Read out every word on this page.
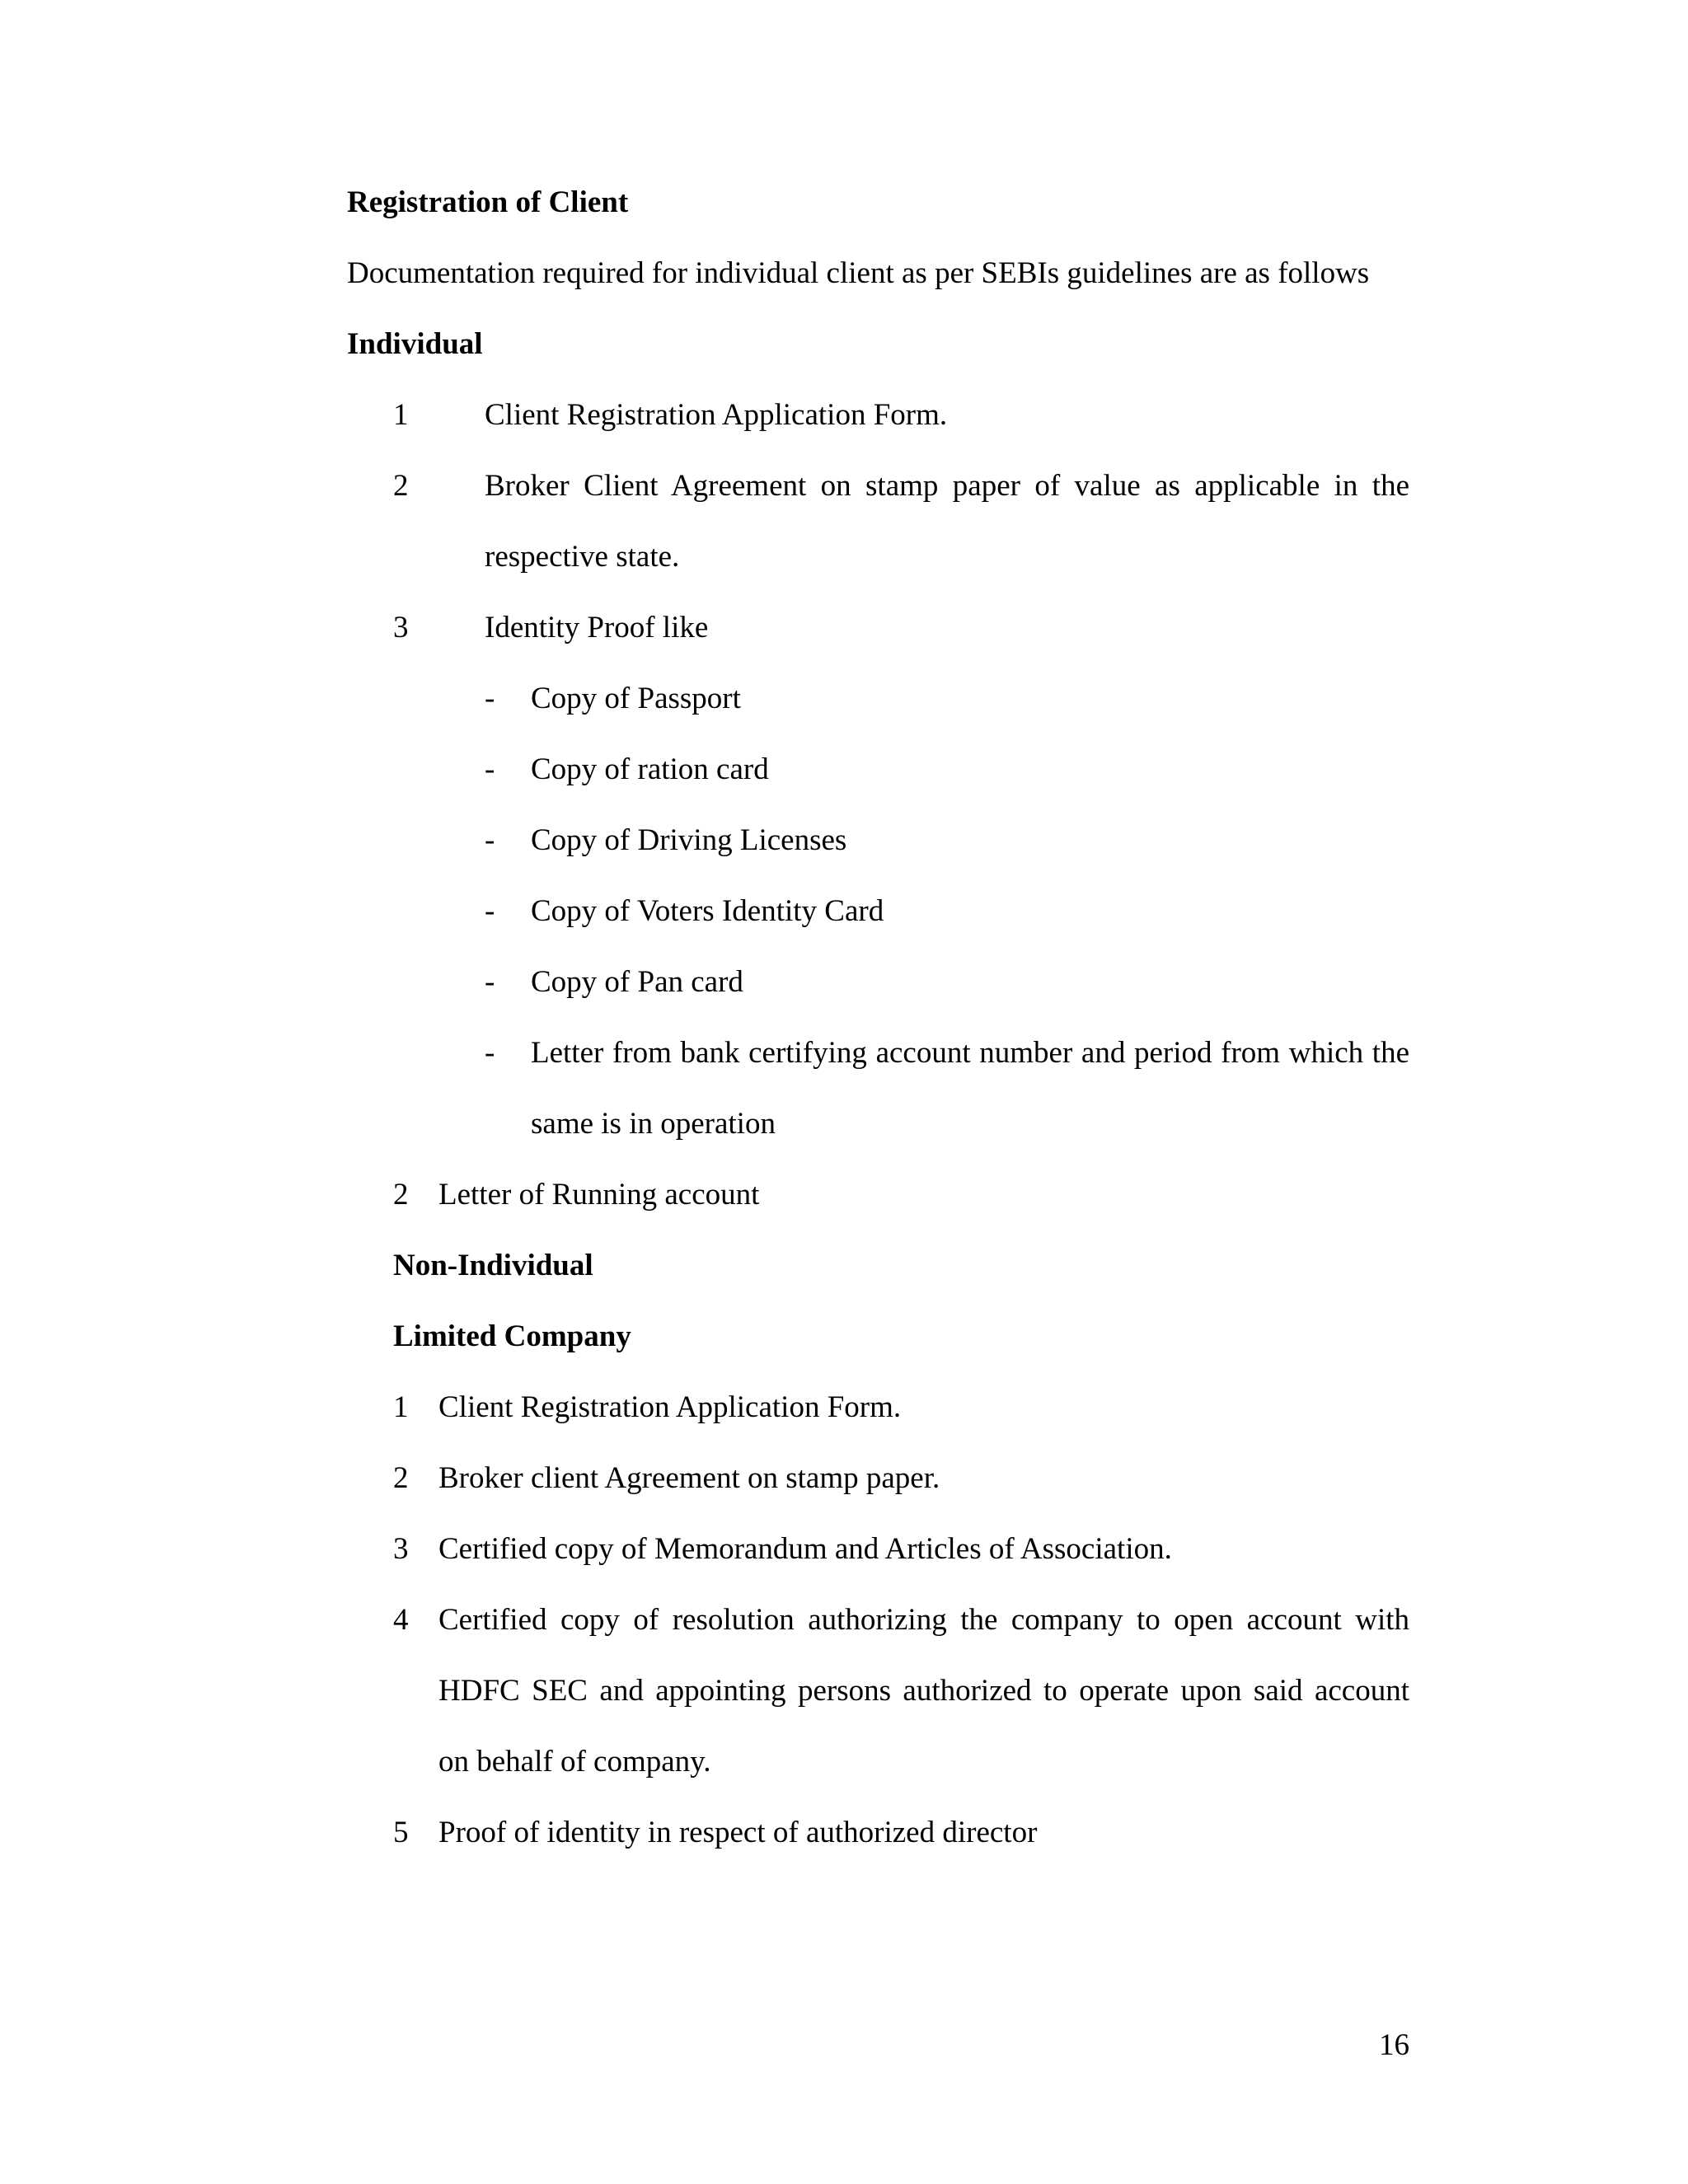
Registration of Client
Documentation required for individual client as per SEBIs guidelines are as follows
Individual
1	Client Registration Application Form.
2	Broker Client Agreement on stamp paper of value as applicable in the
respective state.
3	Identity Proof like
- Copy of Passport
- Copy of ration card
- Copy of Driving Licenses
- Copy of Voters Identity Card
- Copy of Pan card
- Letter from bank certifying account number and period from which the
same is in operation
2 Letter of Running account
Non-Individual
Limited Company
1 Client Registration Application Form.
2 Broker client Agreement on stamp paper.
3 Certified copy of Memorandum and Articles of Association.
4 Certified copy of resolution authorizing the company to open account with
HDFC SEC and appointing persons authorized to operate upon said account
on behalf of company.
5 Proof of identity in respect of authorized director
16
